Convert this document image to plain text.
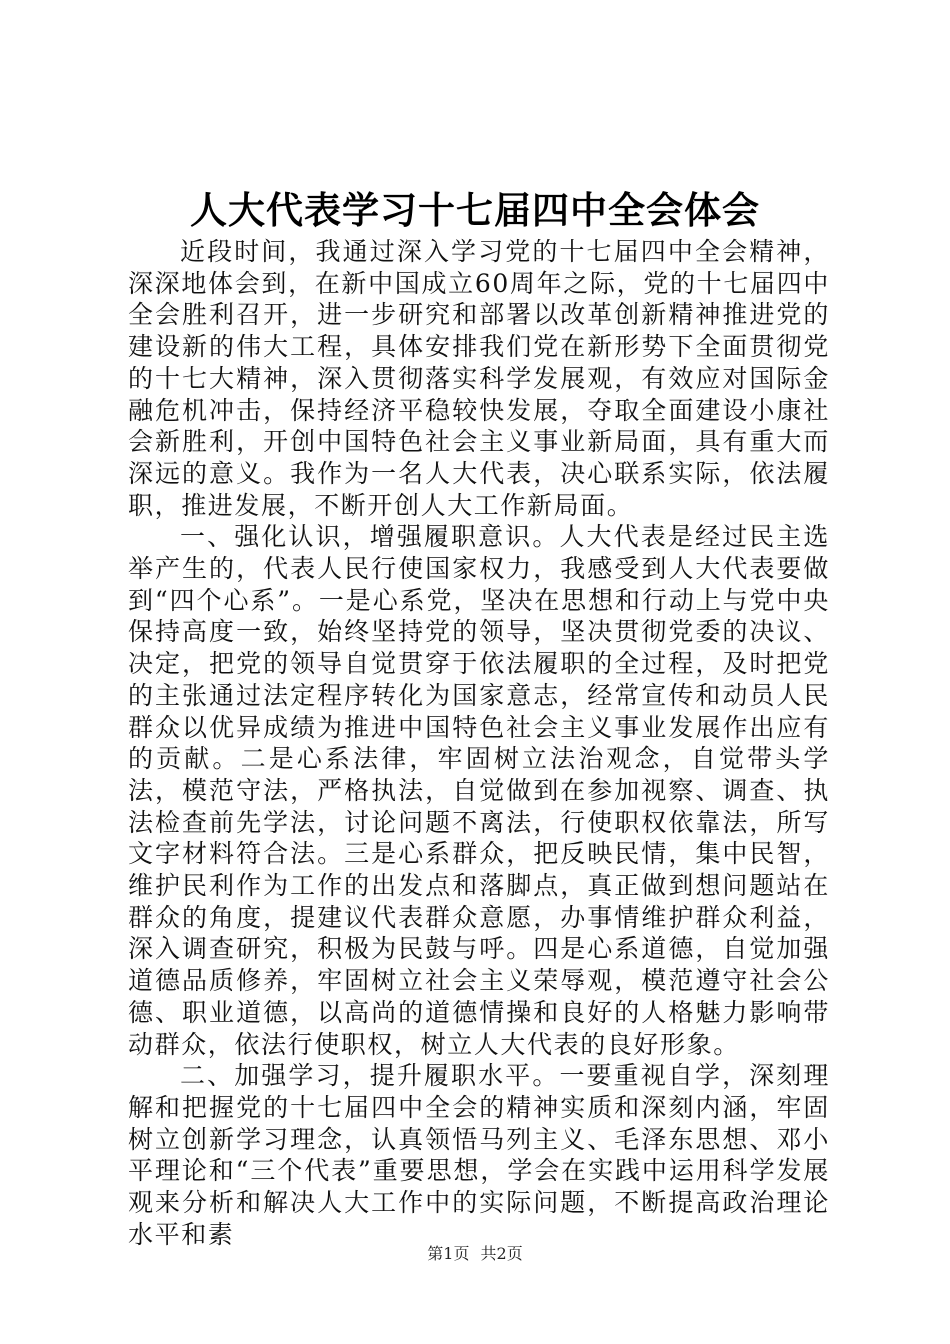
人大代表学习十七届四中全会体会

近段时间，我通过深入学习党的十七届四中全会精神，深深地体会到，在新中国成立60周年之际，党的十七届四中全会胜利召开，进一步研究和部署以改革创新精神推进党的建设新的伟大工程，具体安排我们党在新形势下全面贯彻党的十七大精神，深入贯彻落实科学发展观，有效应对国际金融危机冲击，保持经济平稳较快发展，夺取全面建设小康社会新胜利，开创中国特色社会主义事业新局面，具有重大而深远的意义。我作为一名人大代表，决心联系实际，依法履职，推进发展，不断开创人大工作新局面。

一、强化认识，增强履职意识。人大代表是经过民主选举产生的，代表人民行使国家权力，我感受到人大代表要做到“四个心系”。一是心系党，坚决在思想和行动上与党中央保持高度一致，始终坚持党的领导，坚决贯彻党委的决议、决定，把党的领导自觉贯穿于依法履职的全过程，及时把党的主张通过法定程序转化为国家意志，经常宣传和动员人民群众以优异成绩为推进中国特色社会主义事业发展作出应有的贡献。二是心系法律，牢固树立法治观念，自觉带头学法，模范守法，严格执法，自觉做到在参加视察、调查、执法检查前先学法，讨论问题不离法，行使职权依靠法，所写文字材料符合法。三是心系群众，把反映民情，集中民智，维护民利作为工作的出发点和落脚点，真正做到想问题站在群众的角度，提建议代表群众意愿，办事情维护群众利益，深入调查研究，积极为民鼓与呼。四是心系道德，自觉加强道德品质修养，牢固树立社会主义荣辱观，模范遵守社会公德、职业道德，以高尚的道德情操和良好的人格魅力影响带动群众，依法行使职权，树立人大代表的良好形象。

二、加强学习，提升履职水平。一要重视自学，深刻理解和把握党的十七届四中全会的精神实质和深刻内涵，牢固树立创新学习理念，认真领悟马列主义、毛泽东思想、邓小平理论和“三个代表”重要思想，学会在实践中运用科学发展观来分析和解决人大工作中的实际问题，不断提高政治理论水平和素

第1页 共2页
